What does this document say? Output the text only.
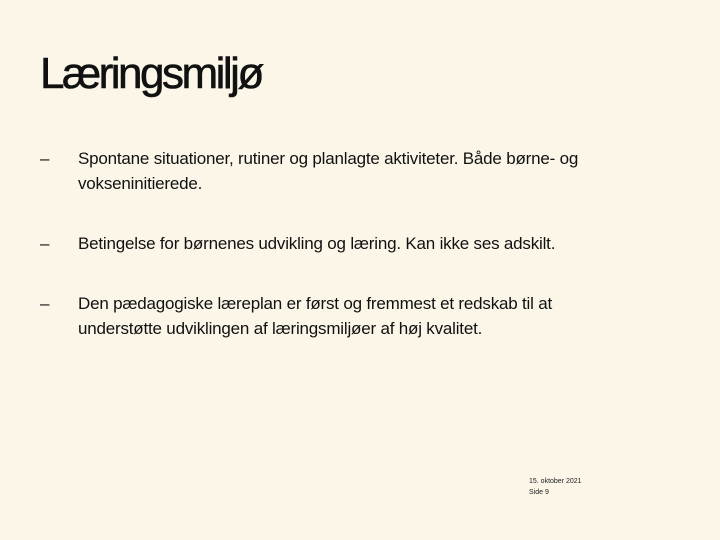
Læringsmiljø
–	Spontane situationer, rutiner og planlagte aktiviteter. Både børne- og vokseninitierede.
–	Betingelse for børnenes udvikling og læring. Kan ikke ses adskilt.
–	Den pædagogiske læreplan er først og fremmest et redskab til at understøtte udviklingen af læringsmiljøer af høj kvalitet.
15. oktober 2021
Side 9
